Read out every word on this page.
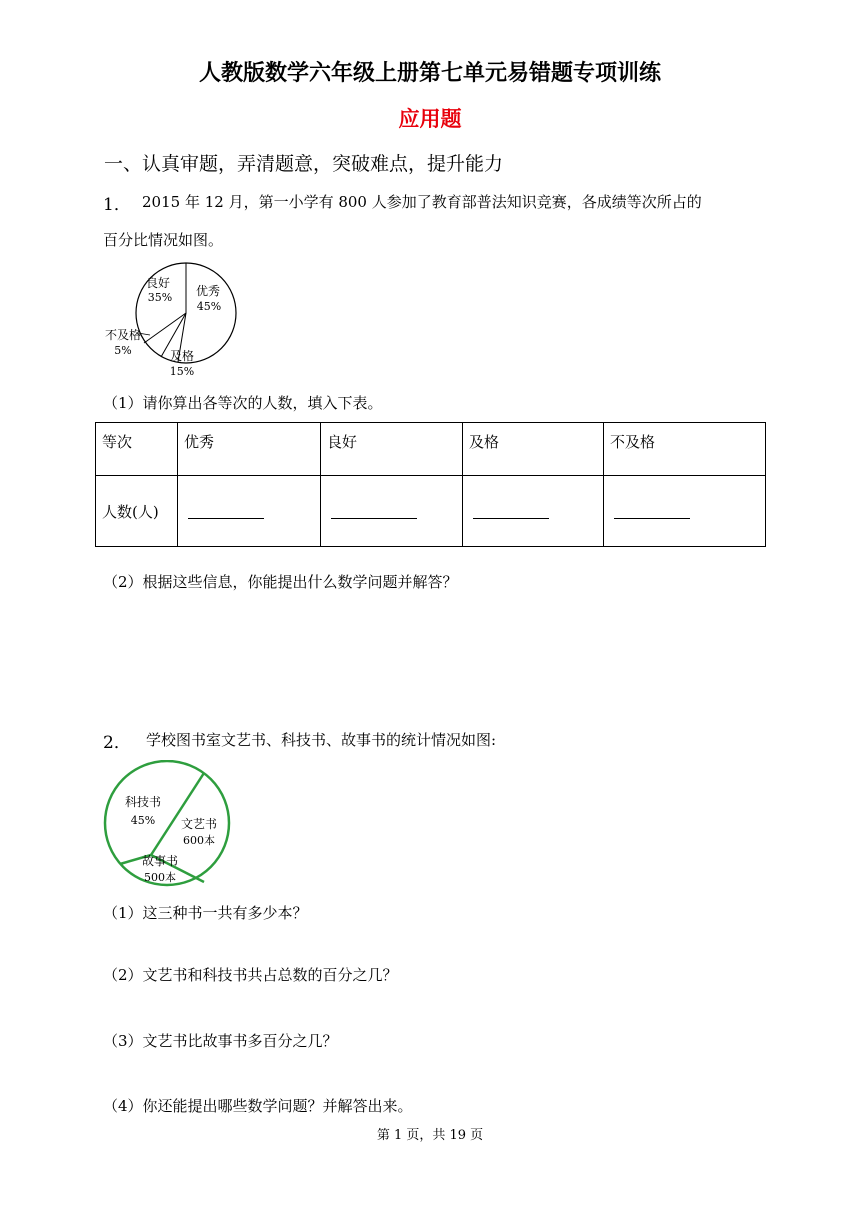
人教版数学六年级上册第七单元易错题专项训练
应用题
一、认真审题，弄清题意，突破难点，提升能力
1． 2015 年 12 月，第一小学有 800 人参加了教育部普法知识竞赛，各成绩等次所占的
百分比情况如图。
良好
35% 优秀
45%
不及格
5%	及格
15%
（1）请你算出各等次的人数，填入下表。
等次	优秀	良好	及格	不及格
人数(人)				
（2）根据这些信息，你能提出什么数学问题并解答？
2． 学校图书室文艺书、科技书、故事书的统计情况如图:
科技书
45% 文艺书
600本
故事书
500本
（1）这三种书一共有多少本？
（2）文艺书和科技书共占总数的百分之几？
（3）文艺书比故事书多百分之几？
（4）你还能提出哪些数学问题？并解答出来。
第 1 页，共 19 页
